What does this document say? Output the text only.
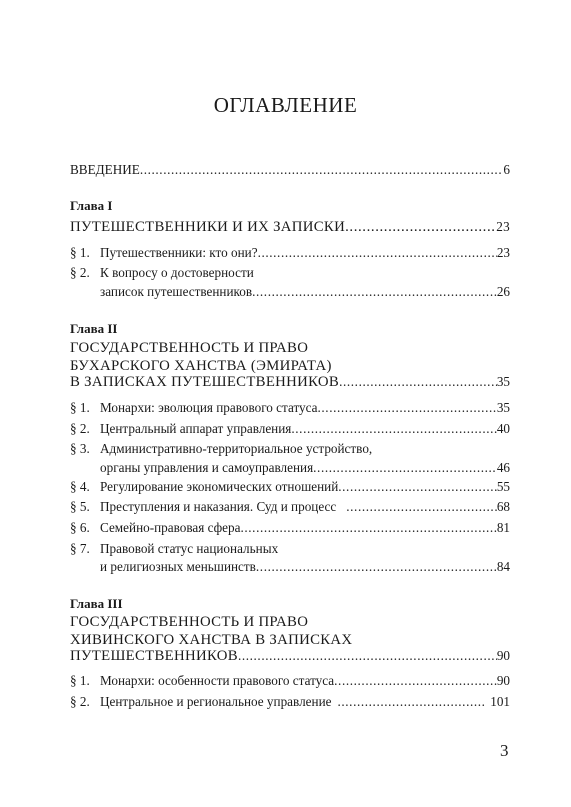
ОГЛАВЛЕНИЕ
ВВЕДЕНИЕ .....	6
Глава I
ПУТЕШЕСТВЕННИКИ И ИХ ЗАПИСКИ .....	23
§ 1. Путешественники: кто они? .....	23
§ 2. К вопросу о достоверности
записок путешественников .....	26
Глава II
ГОСУДАРСТВЕННОСТЬ И ПРАВО
БУХАРСКОГО ХАНСТВА (ЭМИРАТА)
В ЗАПИСКАХ ПУТЕШЕСТВЕННИКОВ .....	35
§ 1. Монархи: эволюция правового статуса .....	35
§ 2. Центральный аппарат управления .....	40
§ 3. Административно-территориальное устройство,
органы управления и самоуправления .....	46
§ 4. Регулирование экономических отношений .....	55
§ 5. Преступления и наказания. Суд и процесс .....	68
§ 6. Семейно-правовая сфера .....	81
§ 7. Правовой статус национальных
и религиозных меньшинств .....	84
Глава III
ГОСУДАРСТВЕННОСТЬ И ПРАВО
ХИВИНСКОГО ХАНСТВА В ЗАПИСКАХ
ПУТЕШЕСТВЕННИКОВ .....	90
§ 1. Монархи: особенности правового статуса .....	90
§ 2. Центральное и региональное управление .....	101
3
